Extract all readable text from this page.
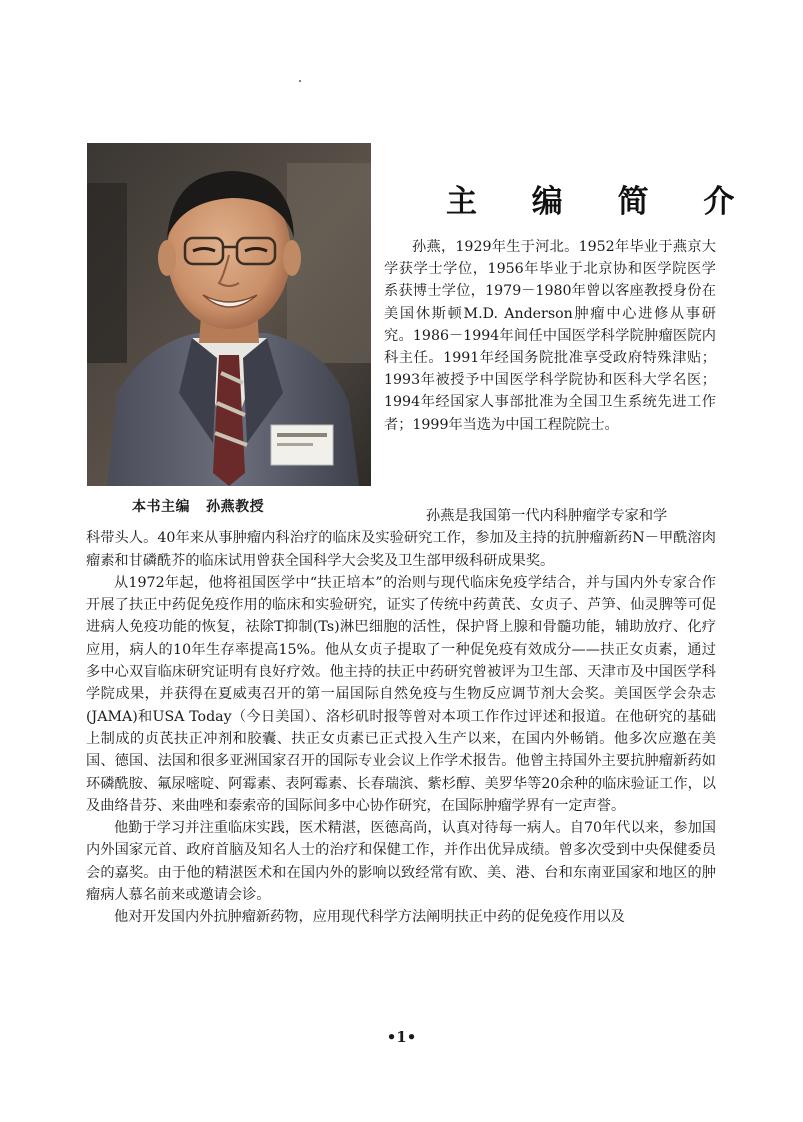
本书主编   孙燕教授
主 编 简 介

孙燕，1929年生于河北。1952年毕业于燕京大学获学士学位，1956年毕业于北京协和医学院医学系获博士学位，1979－1980年曾以客座教授身份在美国休斯顿M.D. Anderson肿瘤中心进修从事研究。1986－1994年间任中国医学科学院肿瘤医院内科主任。1991年经国务院批准享受政府特殊津贴；1993年被授予中国医学科学院协和医科大学名医；1994年经国家人事部批准为全国卫生系统先进工作者；1999年当选为中国工程院院士。

孙燕是我国第一代内科肿瘤学专家和学
科带头人。40年来从事肿瘤内科治疗的临床及实验研究工作，参加及主持的抗肿瘤新药N－甲酰溶肉瘤素和甘磷酰芥的临床试用曾获全国科学大会奖及卫生部甲级科研成果奖。

从1972年起，他将祖国医学中“扶正培本”的治则与现代临床免疫学结合，并与国内外专家合作开展了扶正中药促免疫作用的临床和实验研究，证实了传统中药黄芪、女贞子、芦笋、仙灵脾等可促进病人免疫功能的恢复，祛除T抑制(Ts)淋巴细胞的活性，保护肾上腺和骨髓功能，辅助放疗、化疗应用，病人的10年生存率提高15%。他从女贞子提取了一种促免疫有效成分——扶正女贞素，通过多中心双盲临床研究证明有良好疗效。他主持的扶正中药研究曾被评为卫生部、天津市及中国医学科学院成果，并获得在夏威夷召开的第一届国际自然免疫与生物反应调节剂大会奖。美国医学会杂志(JAMA)和USA Today（今日美国）、洛杉矶时报等曾对本项工作作过评述和报道。在他研究的基础上制成的贞芪扶正冲剂和胶囊、扶正女贞素已正式投入生产以来，在国内外畅销。他多次应邀在美国、德国、法国和很多亚洲国家召开的国际专业会议上作学术报告。他曾主持国外主要抗肿瘤新药如环磷酰胺、氟尿嘧啶、阿霉素、表阿霉素、长春瑞滨、紫杉醇、美罗华等20余种的临床验证工作，以及曲络昔芬、来曲唑和泰索帝的国际间多中心协作研究，在国际肿瘤学界有一定声誉。

他勤于学习并注重临床实践，医术精湛，医德高尚，认真对待每一病人。自70年代以来，参加国内外国家元首、政府首脑及知名人士的治疗和保健工作，并作出优异成绩。曾多次受到中央保健委员会的嘉奖。由于他的精湛医术和在国内外的影响以致经常有欧、美、港、台和东南亚国家和地区的肿瘤病人慕名前来或邀请会诊。

他对开发国内外抗肿瘤新药物，应用现代科学方法阐明扶正中药的促免疫作用以及

•1•
